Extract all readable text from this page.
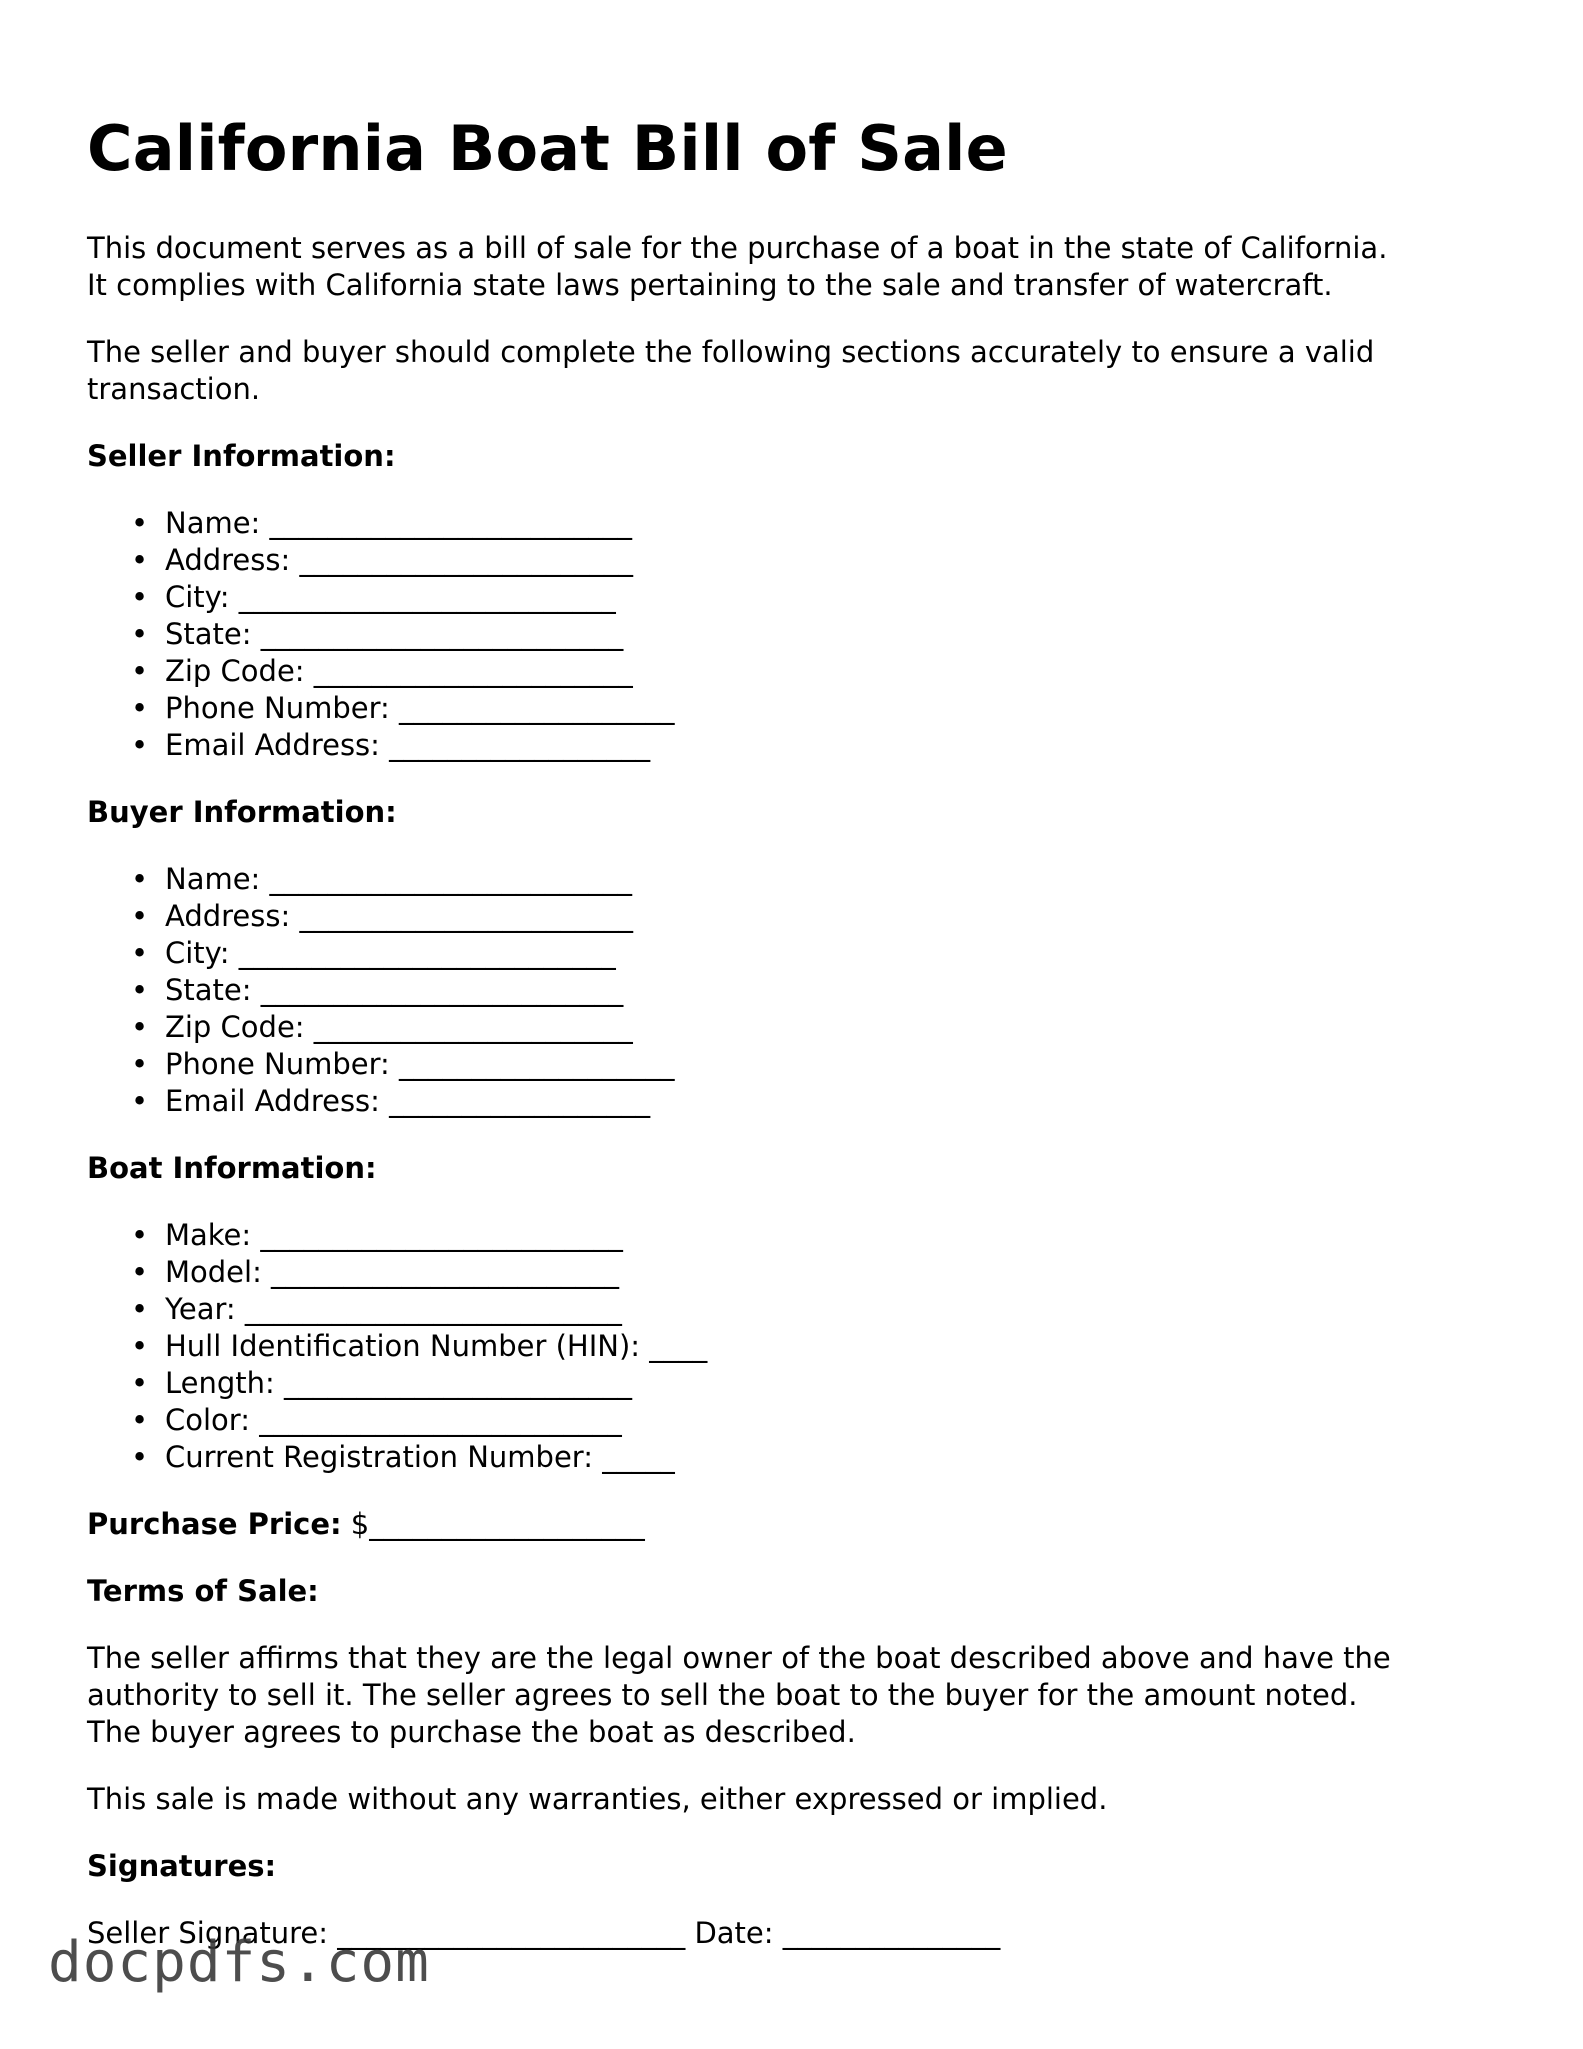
California Boat Bill of Sale

This document serves as a bill of sale for the purchase of a boat in the state of California.

It complies with California state laws pertaining to the sale and transfer of watercraft.

The seller and buyer should complete the following sections accurately to ensure a valid

transaction.

Seller Information:
• Name: _________________________
• Address: _______________________
• City: __________________________
• State: _________________________
• Zip Code: ______________________
• Phone Number: ___________________
• Email Address: __________________
Buyer Information:
• Name: _________________________
• Address: _______________________
• City: __________________________
• State: _________________________
• Zip Code: ______________________
• Phone Number: ___________________
• Email Address: __________________
Boat Information:
• Make: _________________________
• Model: ________________________
• Year: __________________________
• Hull Identification Number (HIN): ____
• Length: ________________________
• Color: _________________________
• Current Registration Number: _____
Purchase Price: $___________________
Terms of Sale:

The seller affirms that they are the legal owner of the boat described above and have the

authority to sell it. The seller agrees to sell the boat to the buyer for the amount noted.

The buyer agrees to purchase the boat as described.

This sale is made without any warranties, either expressed or implied.

Signatures:
Seller Signature: ________________________ Date: _______________
docpdfs.com
